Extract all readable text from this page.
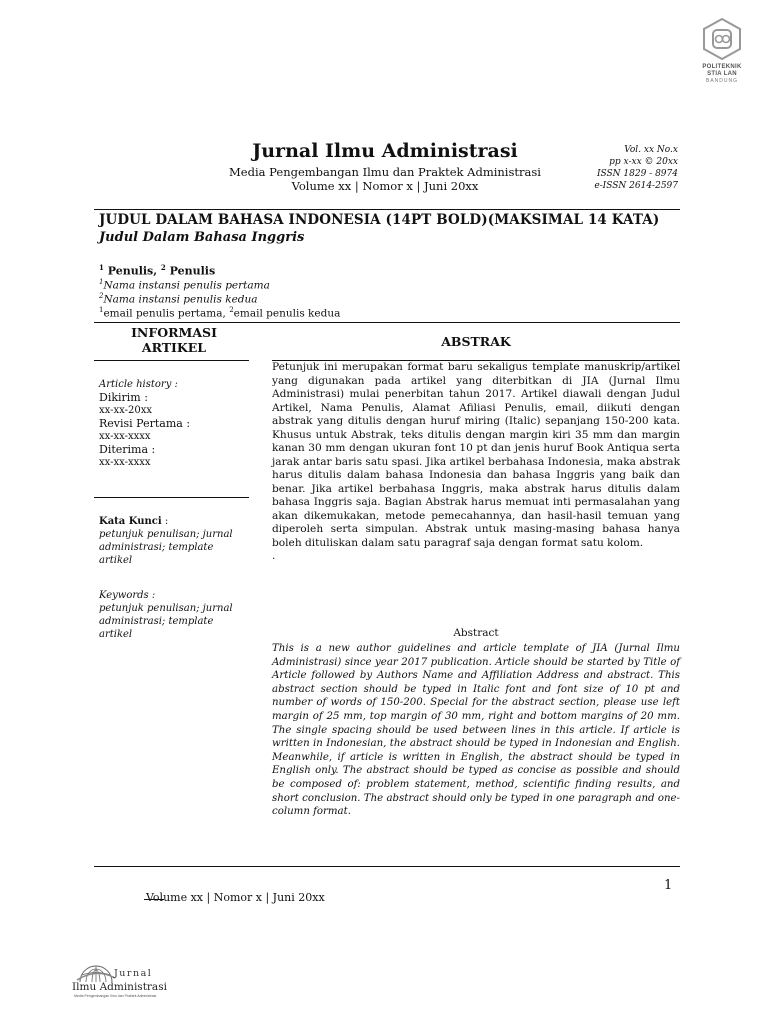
POLITEKNIK
STIA LAN
BANDUNG
Jurnal Ilmu Administrasi
Media Pengembangan Ilmu dan Praktek Administrasi
Volume xx | Nomor x | Juni 20xx
Vol. xx No.x
pp x-xx © 20xx
ISSN 1829 - 8974
e-ISSN 2614-2597
JUDUL DALAM BAHASA INDONESIA (14PT BOLD)(MAKSIMAL 14 KATA)
Judul Dalam Bahasa Inggris
$^1$ Penulis, $^2$ Penulis
$^1$Nama instansi penulis pertama
$^2$Nama instansi penulis kedua
$^1$email penulis pertama, $^2$email penulis kedua
INFORMASI ARTIKEL	ABSTRAK
Article history :
Dikirim :
xx-xx-20xx
Revisi Pertama :
xx-xx-xxxx
Diterima :
xx-xx-xxxx
Kata Kunci :
petunjuk penulisan; jurnal administrasi; template artikel
Keywords :
petunjuk penulisan; jurnal administrasi; template artikel
Petunjuk ini merupakan format baru sekaligus template manuskrip/artikel yang digunakan pada artikel yang diterbitkan di JIA (Jurnal Ilmu Administrasi) mulai penerbitan tahun 2017. Artikel diawali dengan Judul Artikel, Nama Penulis, Alamat Afiliasi Penulis, email, diikuti dengan abstrak yang ditulis dengan huruf miring (Italic) sepanjang 150-200 kata. Khusus untuk Abstrak, teks ditulis dengan margin kiri 35 mm dan margin kanan 30 mm dengan ukuran font 10 pt dan jenis huruf Book Antiqua serta jarak antar baris satu spasi. Jika artikel berbahasa Indonesia, maka abstrak harus ditulis dalam bahasa Indonesia dan bahasa Inggris yang baik dan benar. Jika artikel berbahasa Inggris, maka abstrak harus ditulis dalam bahasa Inggris saja. Bagian Abstrak harus memuat inti permasalahan yang akan dikemukakan, metode pemecahannya, dan hasil-hasil temuan yang diperoleh serta simpulan. Abstrak untuk masing-masing bahasa hanya boleh dituliskan dalam satu paragraf saja dengan format satu kolom.
.
Abstract
This is a new author guidelines and article template of JIA (Jurnal Ilmu Administrasi) since year 2017 publication. Article should be started by Title of Article followed by Authors Name and Affiliation Address and abstract. This abstract section should be typed in Italic font and font size of 10 pt and number of words of 150-200. Special for the abstract section, please use left margin of 25 mm, top margin of 30 mm, right and bottom margins of 20 mm. The single spacing should be used between lines in this article. If article is written in Indonesian, the abstract should be typed in Indonesian and English. Meanwhile, if article is written in English, the abstract should be typed in English only. The abstract should be typed as concise as possible and should be composed of: problem statement, method, scientific finding results, and short conclusion. The abstract should only be typed in one paragraph and one-column format.
1
Volume xx | Nomor x | Juni 20xx
Jurnal
Ilmu Administrasi
Media Pengembangan Ilmu dan Praktek Administrasi
